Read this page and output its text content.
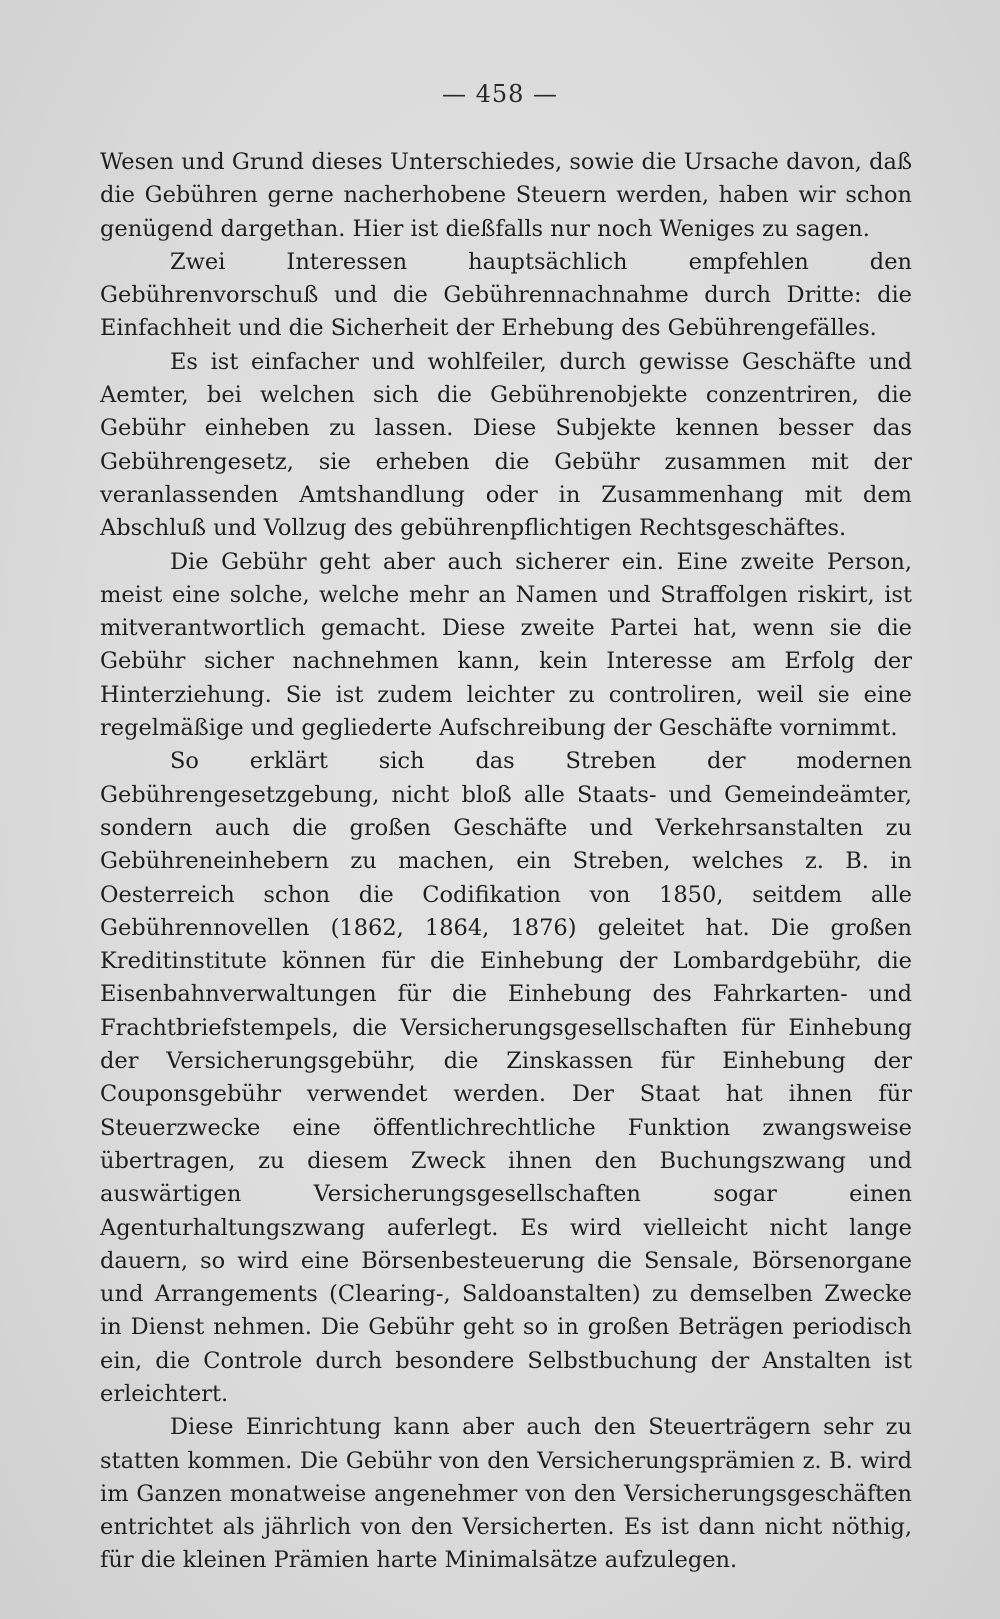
— 458 —

Wesen und Grund dieses Unterschiedes, sowie die Ursache davon, daß die Gebühren gerne nacherhobene Steuern werden, haben wir schon genügend dargethan. Hier ist dießfalls nur noch Weniges zu sagen.

Zwei Interessen hauptsächlich empfehlen den Gebührenvorschuß und die Gebührennachnahme durch Dritte: die Einfachheit und die Sicherheit der Erhebung des Gebührengefälles.

Es ist einfacher und wohlfeiler, durch gewisse Geschäfte und Aemter, bei welchen sich die Gebührenobjekte conzentriren, die Gebühr einheben zu lassen. Diese Subjekte kennen besser das Gebührengesetz, sie erheben die Gebühr zusammen mit der veranlassenden Amtshandlung oder in Zusammenhang mit dem Abschluß und Vollzug des gebührenpflichtigen Rechtsgeschäftes.

Die Gebühr geht aber auch sicherer ein. Eine zweite Person, meist eine solche, welche mehr an Namen und Straffolgen riskirt, ist mitverantwortlich gemacht. Diese zweite Partei hat, wenn sie die Gebühr sicher nachnehmen kann, kein Interesse am Erfolg der Hinterziehung. Sie ist zudem leichter zu controliren, weil sie eine regelmäßige und gegliederte Aufschreibung der Geschäfte vornimmt.

So erklärt sich das Streben der modernen Gebührengesetzgebung, nicht bloß alle Staats- und Gemeindeämter, sondern auch die großen Geschäfte und Verkehrsanstalten zu Gebühreneinhebern zu machen, ein Streben, welches z. B. in Oesterreich schon die Codifikation von 1850, seitdem alle Gebührennovellen (1862, 1864, 1876) geleitet hat. Die großen Kreditinstitute können für die Einhebung der Lombardgebühr, die Eisenbahnverwaltungen für die Einhebung des Fahrkarten- und Frachtbriefstempels, die Versicherungsgesellschaften für Einhebung der Versicherungsgebühr, die Zinskassen für Einhebung der Couponsgebühr verwendet werden. Der Staat hat ihnen für Steuerzwecke eine öffentlichrechtliche Funktion zwangsweise übertragen, zu diesem Zweck ihnen den Buchungszwang und auswärtigen Versicherungsgesellschaften sogar einen Agenturhaltungszwang auferlegt. Es wird vielleicht nicht lange dauern, so wird eine Börsenbesteuerung die Sensale, Börsenorgane und Arrangements (Clearing-, Saldoanstalten) zu demselben Zwecke in Dienst nehmen. Die Gebühr geht so in großen Beträgen periodisch ein, die Controle durch besondere Selbstbuchung der Anstalten ist erleichtert.

Diese Einrichtung kann aber auch den Steuerträgern sehr zu statten kommen. Die Gebühr von den Versicherungsprämien z. B. wird im Ganzen monatweise angenehmer von den Versicherungsgeschäften entrichtet als jährlich von den Versicherten. Es ist dann nicht nöthig, für die kleinen Prämien harte Minimalsätze aufzulegen.
